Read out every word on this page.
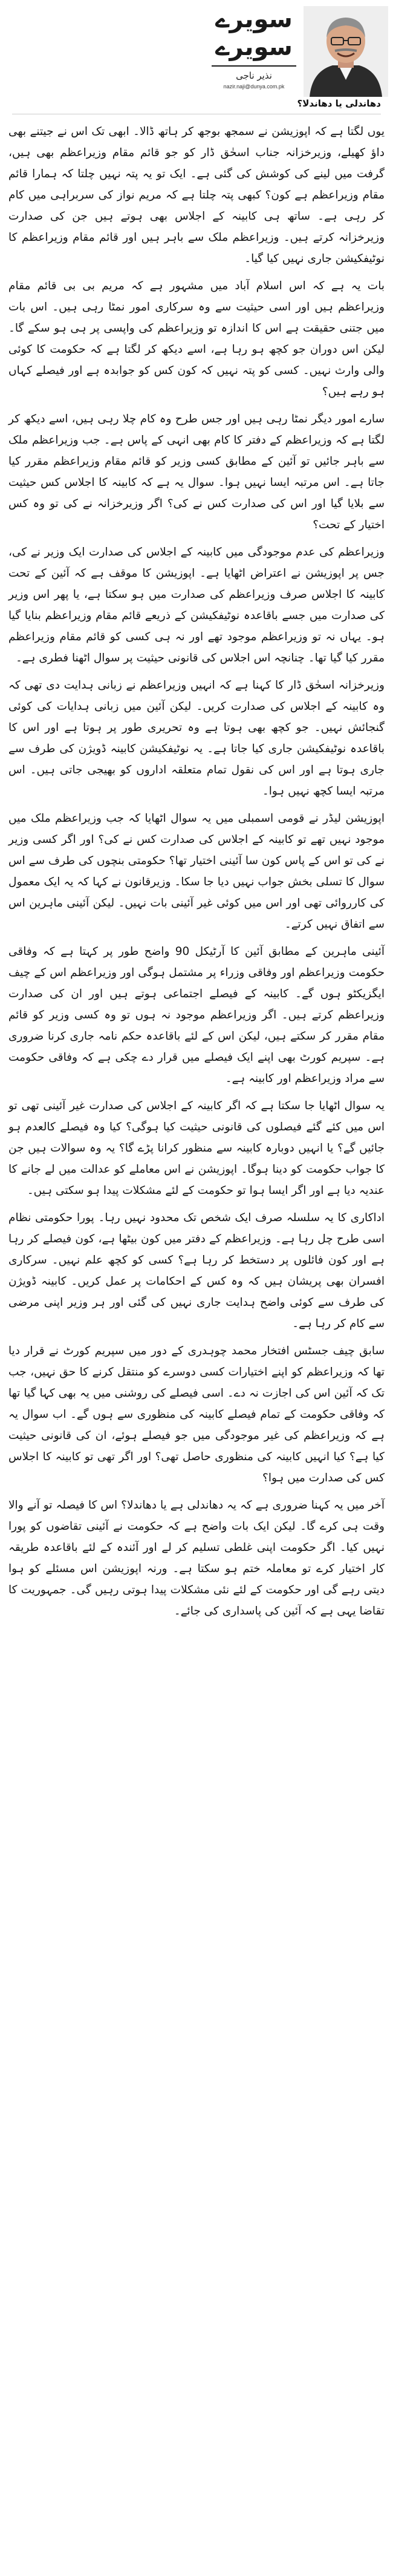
سویرے
سویرے
نذیر ناجی
nazir.naji@dunya.com.pk
دھاندلی یا دھاندلا؟

یوں لگتا ہے کہ اپوزیشن نے سمجھ بوجھ کر ہاتھ ڈالا۔ ابھی تک اس نے جیتنے بھی داؤ کھیلے، وزیرخزانہ جناب اسحٰق ڈار کو جو قائم مقام وزیراعظم بھی ہیں، گرفت میں لینے کی کوشش کی گئی ہے۔ ایک تو یہ پتہ نہیں چلتا کہ ہمارا قائم مقام وزیراعظم ہے کون؟ کبھی پتہ چلتا ہے کہ مریم نواز کی سربراہی میں کام کر رہی ہے۔ ساتھ ہی کابینہ کے اجلاس بھی ہوتے ہیں جن کی صدارت وزیرخزانہ کرتے ہیں۔ وزیراعظم ملک سے باہر ہیں اور قائم مقام وزیراعظم کا نوٹیفکیشن جاری نہیں کیا گیا۔

بات یہ ہے کہ اس اسلام آباد میں مشہور ہے کہ مریم بی بی قائم مقام وزیراعظم ہیں اور اسی حیثیت سے وہ سرکاری امور نمٹا رہی ہیں۔ اس بات میں جتنی حقیقت ہے اس کا اندازہ تو وزیراعظم کی واپسی پر ہی ہو سکے گا۔ لیکن اس دوران جو کچھ ہو رہا ہے، اسے دیکھ کر لگتا ہے کہ حکومت کا کوئی والی وارث نہیں۔ کسی کو پتہ نہیں کہ کون کس کو جوابدہ ہے اور فیصلے کہاں ہو رہے ہیں؟

سارے امور دیگر نمٹا رہی ہیں اور جس طرح وہ کام چلا رہی ہیں، اسے دیکھ کر لگتا ہے کہ وزیراعظم کے دفتر کا کام بھی انہی کے پاس ہے۔ جب وزیراعظم ملک سے باہر جائیں تو آئین کے مطابق کسی وزیر کو قائم مقام وزیراعظم مقرر کیا جاتا ہے۔ اس مرتبہ ایسا نہیں ہوا۔ سوال یہ ہے کہ کابینہ کا اجلاس کس حیثیت سے بلایا گیا اور اس کی صدارت کس نے کی؟ اگر وزیرخزانہ نے کی تو وہ کس اختیار کے تحت؟

وزیراعظم کی عدم موجودگی میں کابینہ کے اجلاس کی صدارت ایک وزیر نے کی، جس پر اپوزیشن نے اعتراض اٹھایا ہے۔ اپوزیشن کا موقف ہے کہ آئین کے تحت کابینہ کا اجلاس صرف وزیراعظم کی صدارت میں ہو سکتا ہے، یا پھر اس وزیر کی صدارت میں جسے باقاعدہ نوٹیفکیشن کے ذریعے قائم مقام وزیراعظم بنایا گیا ہو۔ یہاں نہ تو وزیراعظم موجود تھے اور نہ ہی کسی کو قائم مقام وزیراعظم مقرر کیا گیا تھا۔ چنانچہ اس اجلاس کی قانونی حیثیت پر سوال اٹھنا فطری ہے۔

وزیرخزانہ اسحٰق ڈار کا کہنا ہے کہ انہیں وزیراعظم نے زبانی ہدایت دی تھی کہ وہ کابینہ کے اجلاس کی صدارت کریں۔ لیکن آئین میں زبانی ہدایات کی کوئی گنجائش نہیں۔ جو کچھ بھی ہوتا ہے وہ تحریری طور پر ہوتا ہے اور اس کا باقاعدہ نوٹیفکیشن جاری کیا جاتا ہے۔ یہ نوٹیفکیشن کابینہ ڈویژن کی طرف سے جاری ہوتا ہے اور اس کی نقول تمام متعلقہ اداروں کو بھیجی جاتی ہیں۔ اس مرتبہ ایسا کچھ نہیں ہوا۔

اپوزیشن لیڈر نے قومی اسمبلی میں یہ سوال اٹھایا کہ جب وزیراعظم ملک میں موجود نہیں تھے تو کابینہ کے اجلاس کی صدارت کس نے کی؟ اور اگر کسی وزیر نے کی تو اس کے پاس کون سا آئینی اختیار تھا؟ حکومتی بنچوں کی طرف سے اس سوال کا تسلی بخش جواب نہیں دیا جا سکا۔ وزیرقانون نے کہا کہ یہ ایک معمول کی کارروائی تھی اور اس میں کوئی غیر آئینی بات نہیں۔ لیکن آئینی ماہرین اس سے اتفاق نہیں کرتے۔

آئینی ماہرین کے مطابق آئین کا آرٹیکل 90 واضح طور پر کہتا ہے کہ وفاقی حکومت وزیراعظم اور وفاقی وزراء پر مشتمل ہوگی اور وزیراعظم اس کے چیف ایگزیکٹو ہوں گے۔ کابینہ کے فیصلے اجتماعی ہوتے ہیں اور ان کی صدارت وزیراعظم کرتے ہیں۔ اگر وزیراعظم موجود نہ ہوں تو وہ کسی وزیر کو قائم مقام مقرر کر سکتے ہیں، لیکن اس کے لئے باقاعدہ حکم نامہ جاری کرنا ضروری ہے۔ سپریم کورٹ بھی اپنے ایک فیصلے میں قرار دے چکی ہے کہ وفاقی حکومت سے مراد وزیراعظم اور کابینہ ہے۔

یہ سوال اٹھایا جا سکتا ہے کہ اگر کابینہ کے اجلاس کی صدارت غیر آئینی تھی تو اس میں کئے گئے فیصلوں کی قانونی حیثیت کیا ہوگی؟ کیا وہ فیصلے کالعدم ہو جائیں گے؟ یا انہیں دوبارہ کابینہ سے منظور کرانا پڑے گا؟ یہ وہ سوالات ہیں جن کا جواب حکومت کو دینا ہوگا۔ اپوزیشن نے اس معاملے کو عدالت میں لے جانے کا عندیہ دیا ہے اور اگر ایسا ہوا تو حکومت کے لئے مشکلات پیدا ہو سکتی ہیں۔

اداکاری کا یہ سلسلہ صرف ایک شخص تک محدود نہیں رہا۔ پورا حکومتی نظام اسی طرح چل رہا ہے۔ وزیراعظم کے دفتر میں کون بیٹھا ہے، کون فیصلے کر رہا ہے اور کون فائلوں پر دستخط کر رہا ہے؟ کسی کو کچھ علم نہیں۔ سرکاری افسران بھی پریشان ہیں کہ وہ کس کے احکامات پر عمل کریں۔ کابینہ ڈویژن کی طرف سے کوئی واضح ہدایت جاری نہیں کی گئی اور ہر وزیر اپنی مرضی سے کام کر رہا ہے۔

سابق چیف جسٹس افتخار محمد چوہدری کے دور میں سپریم کورٹ نے قرار دیا تھا کہ وزیراعظم کو اپنے اختیارات کسی دوسرے کو منتقل کرنے کا حق نہیں، جب تک کہ آئین اس کی اجازت نہ دے۔ اسی فیصلے کی روشنی میں یہ بھی کہا گیا تھا کہ وفاقی حکومت کے تمام فیصلے کابینہ کی منظوری سے ہوں گے۔ اب سوال یہ ہے کہ وزیراعظم کی غیر موجودگی میں جو فیصلے ہوئے، ان کی قانونی حیثیت کیا ہے؟ کیا انہیں کابینہ کی منظوری حاصل تھی؟ اور اگر تھی تو کابینہ کا اجلاس کس کی صدارت میں ہوا؟

آخر میں یہ کہنا ضروری ہے کہ یہ دھاندلی ہے یا دھاندلا؟ اس کا فیصلہ تو آنے والا وقت ہی کرے گا۔ لیکن ایک بات واضح ہے کہ حکومت نے آئینی تقاضوں کو پورا نہیں کیا۔ اگر حکومت اپنی غلطی تسلیم کر لے اور آئندہ کے لئے باقاعدہ طریقہ کار اختیار کرے تو معاملہ ختم ہو سکتا ہے۔ ورنہ اپوزیشن اس مسئلے کو ہوا دیتی رہے گی اور حکومت کے لئے نئی مشکلات پیدا ہوتی رہیں گی۔ جمہوریت کا تقاضا یہی ہے کہ آئین کی پاسداری کی جائے۔
